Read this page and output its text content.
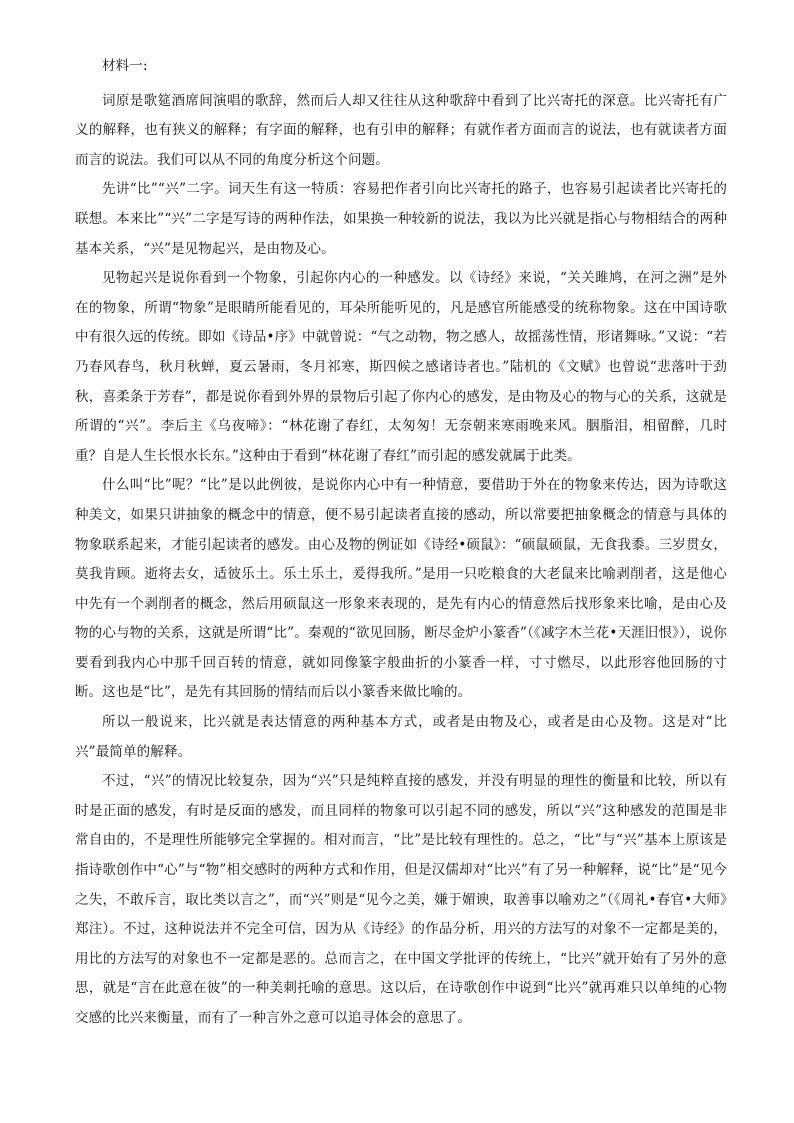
材料一:

词原是歌筵酒席间演唱的歌辞，然而后人却又往往从这种歌辞中看到了比兴寄托的深意。比兴寄托有广义的解释，也有狭义的解释；有字面的解释，也有引申的解释；有就作者方面而言的说法，也有就读者方面而言的说法。我们可以从不同的角度分析这个问题。

先讲“比”“兴”二字。词天生有这一特质：容易把作者引向比兴寄托的路子，也容易引起读者比兴寄托的联想。本来比”“兴”二字是写诗的两种作法，如果换一种较新的说法，我以为比兴就是指心与物相结合的两种基本关系，“兴”是见物起兴，是由物及心。

见物起兴是说你看到一个物象，引起你内心的一种感发。以《诗经》来说，“关关雎鸠，在河之洲”是外在的物象，所谓“物象”是眼睛所能看见的，耳朵所能听见的，凡是感官所能感受的统称物象。这在中国诗歌中有很久远的传统。即如《诗品•序》中就曾说：“气之动物，物之感人，故摇荡性情，形诸舞咏。”又说：“若乃春风春鸟，秋月秋蝉，夏云暑雨，冬月祁寒，斯四候之感诸诗者也。”陆机的《文赋》也曾说“悲落叶于劲秋，喜柔条于芳春”，都是说你看到外界的景物后引起了你内心的感发，是由物及心的物与心的关系，这就是所谓的“兴”。李后主《乌夜啼》：“林花谢了春红，太匆匆！无奈朝来寒雨晚来风。胭脂泪，相留醉，几时重？自是人生长恨水长东。”这种由于看到“林花谢了春红”而引起的感发就属于此类。

什么叫“比”呢？“比”是以此例彼，是说你内心中有一种情意，要借助于外在的物象来传达，因为诗歌这种美文，如果只讲抽象的概念中的情意，便不易引起读者直接的感动，所以常要把抽象概念的情意与具体的物象联系起来，才能引起读者的感发。由心及物的例证如《诗经•硕鼠》：“硕鼠硕鼠，无食我黍。三岁贯女，莫我肯顾。逝将去女，适彼乐土。乐土乐土，爰得我所。”是用一只吃粮食的大老鼠来比喻剥削者，这是他心中先有一个剥削者的概念，然后用硕鼠这一形象来表现的，是先有内心的情意然后找形象来比喻，是由心及物的心与物的关系，这就是所谓“比”。秦观的“欲见回肠，断尽金炉小篆香”（《减字木兰花•天涯旧恨》），说你要看到我内心中那千回百转的情意，就如同像篆字般曲折的小篆香一样，寸寸燃尽，以此形容他回肠的寸断。这也是“比”，是先有其回肠的情结而后以小篆香来做比喻的。

所以一般说来，比兴就是表达情意的两种基本方式，或者是由物及心，或者是由心及物。这是对“比兴”最简单的解释。

不过，“兴”的情况比较复杂，因为“兴”只是纯粹直接的感发，并没有明显的理性的衡量和比较，所以有时是正面的感发，有时是反面的感发，而且同样的物象可以引起不同的感发，所以“兴”这种感发的范围是非常自由的，不是理性所能够完全掌握的。相对而言，“比”是比较有理性的。总之，“比”与“兴”基本上原该是指诗歌创作中“心”与“物”相交感时的两种方式和作用，但是汉儒却对“比兴”有了另一种解释，说“比”是“见今之失，不敢斥言，取比类以言之”，而“兴”则是“见今之美，嫌于媚谀，取善事以喻劝之”（《周礼•春官•大师》郑注）。不过，这种说法并不完全可信，因为从《诗经》的作品分析，用兴的方法写的对象不一定都是美的，用比的方法写的对象也不一定都是恶的。总而言之，在中国文学批评的传统上，“比兴”就开始有了另外的意思，就是“言在此意在彼”的一种美刺托喻的意思。这以后，在诗歌创作中说到“比兴”就再难只以单纯的心物交感的比兴来衡量，而有了一种言外之意可以追寻体会的意思了。
